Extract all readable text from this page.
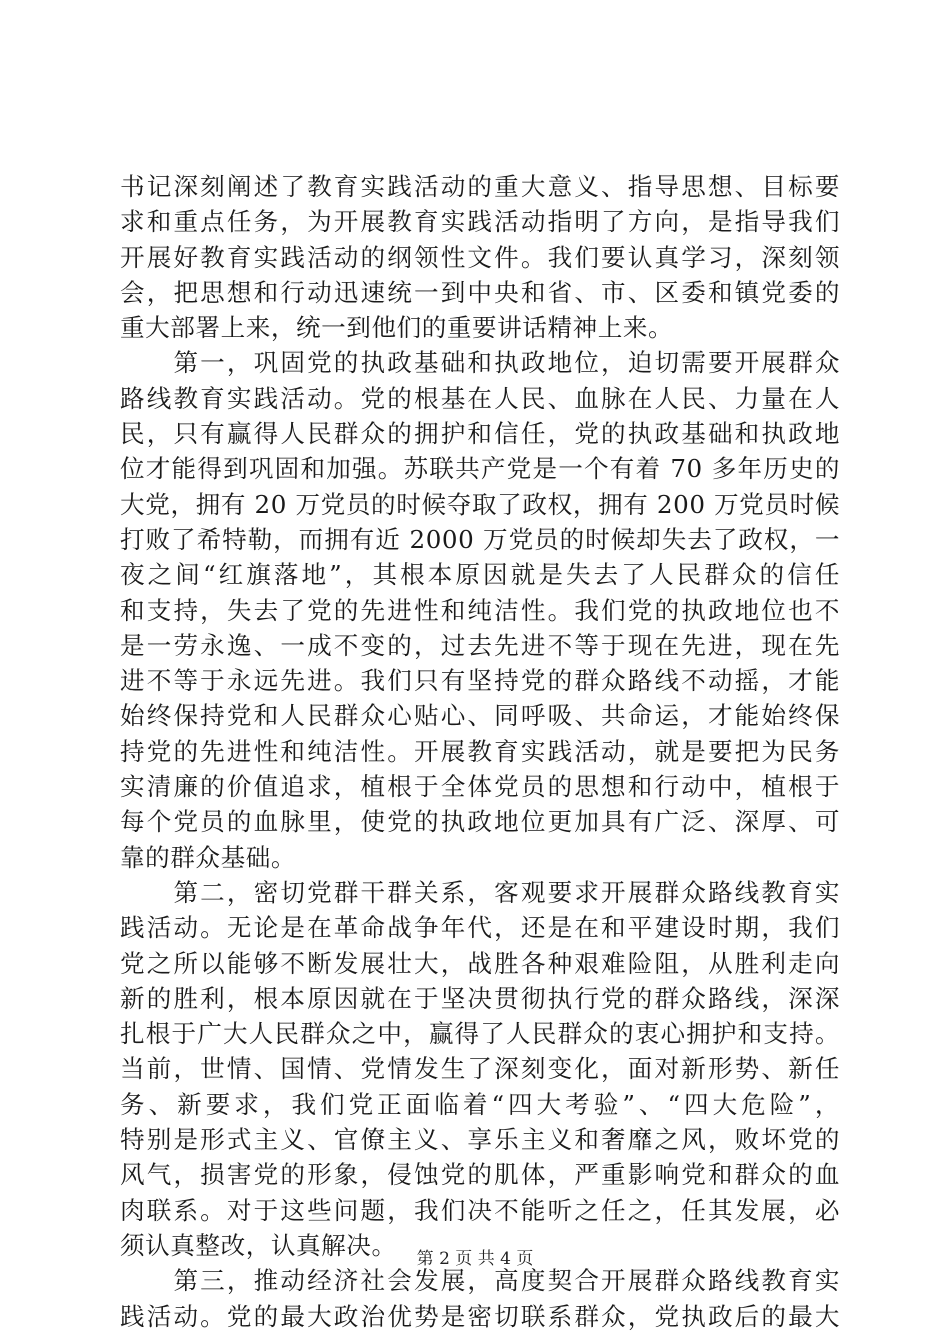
书记深刻阐述了教育实践活动的重大意义、指导思想、目标要
求和重点任务，为开展教育实践活动指明了方向，是指导我们
开展好教育实践活动的纲领性文件。我们要认真学习，深刻领
会，把思想和行动迅速统一到中央和省、市、区委和镇党委的
重大部署上来，统一到他们的重要讲话精神上来。
　　第一，巩固党的执政基础和执政地位，迫切需要开展群众
路线教育实践活动。党的根基在人民、血脉在人民、力量在人
民，只有赢得人民群众的拥护和信任，党的执政基础和执政地
位才能得到巩固和加强。苏联共产党是一个有着 70 多年历史的
大党，拥有 20 万党员的时候夺取了政权，拥有 200 万党员时候
打败了希特勒，而拥有近 2000 万党员的时候却失去了政权，一
夜之间“红旗落地”，其根本原因就是失去了人民群众的信任
和支持，失去了党的先进性和纯洁性。我们党的执政地位也不
是一劳永逸、一成不变的，过去先进不等于现在先进，现在先
进不等于永远先进。我们只有坚持党的群众路线不动摇，才能
始终保持党和人民群众心贴心、同呼吸、共命运，才能始终保
持党的先进性和纯洁性。开展教育实践活动，就是要把为民务
实清廉的价值追求，植根于全体党员的思想和行动中，植根于
每个党员的血脉里，使党的执政地位更加具有广泛、深厚、可
靠的群众基础。
　　第二，密切党群干群关系，客观要求开展群众路线教育实
践活动。无论是在革命战争年代，还是在和平建设时期，我们
党之所以能够不断发展壮大，战胜各种艰难险阻，从胜利走向
新的胜利，根本原因就在于坚决贯彻执行党的群众路线，深深
扎根于广大人民群众之中，赢得了人民群众的衷心拥护和支持。
当前，世情、国情、党情发生了深刻变化，面对新形势、新任
务、新要求，我们党正面临着“四大考验”、“四大危险”，
特别是形式主义、官僚主义、享乐主义和奢靡之风，败坏党的
风气，损害党的形象，侵蚀党的肌体，严重影响党和群众的血
肉联系。对于这些问题，我们决不能听之任之，任其发展，必
须认真整改，认真解决。
　　第三，推动经济社会发展，高度契合开展群众路线教育实
践活动。党的最大政治优势是密切联系群众，党执政后的最大
第 2 页 共 4 页
